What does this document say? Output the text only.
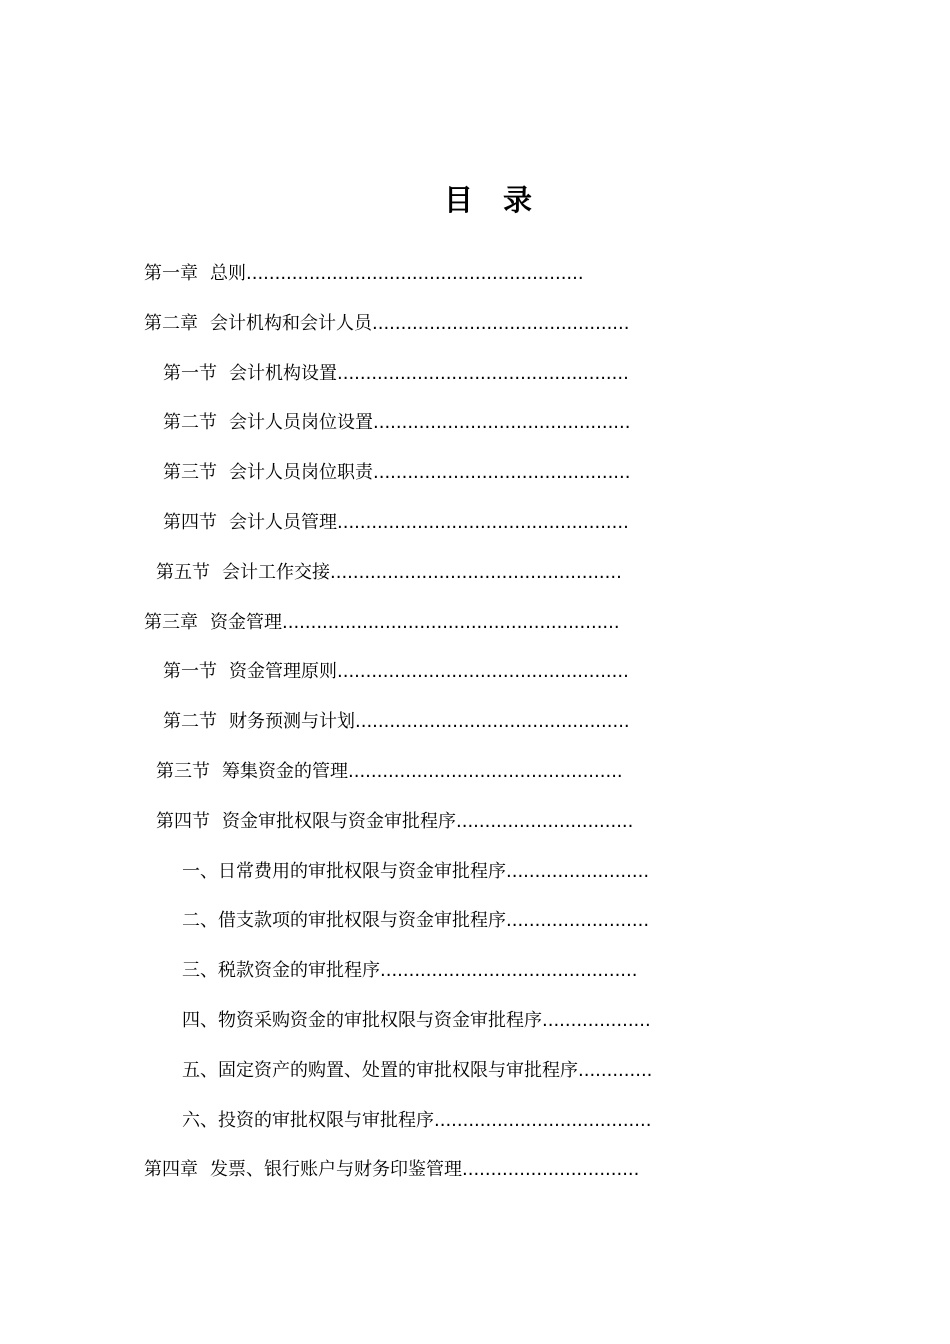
目录
第一章 总则...........................................................
第二章 会计机构和会计人员.............................................
第一节 会计机构设置...................................................
第二节 会计人员岗位设置.............................................
第三节 会计人员岗位职责.............................................
第四节 会计人员管理...................................................
第五节 会计工作交接...................................................
第三章 资金管理...........................................................
第一节 资金管理原则...................................................
第二节 财务预测与计划................................................
第三节 筹集资金的管理................................................
第四节 资金审批权限与资金审批程序...............................
一、日常费用的审批权限与资金审批程序.........................
二、借支款项的审批权限与资金审批程序.........................
三、税款资金的审批程序.............................................
四、物资采购资金的审批权限与资金审批程序...................
五、固定资产的购置、处置的审批权限与审批程序.............
六、投资的审批权限与审批程序......................................
第四章 发票、银行账户与财务印鉴管理...............................
